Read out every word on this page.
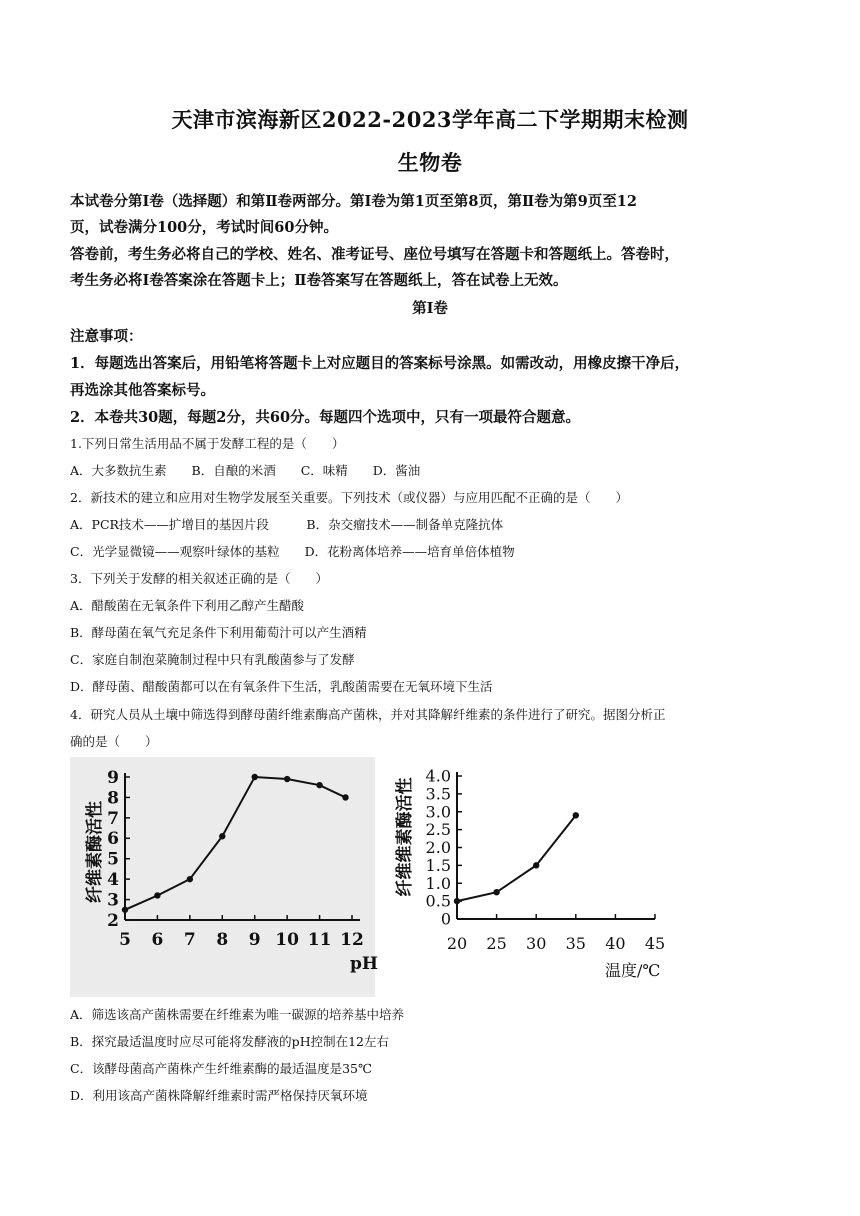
天津市滨海新区2022-2023学年高二下学期期末检测
生物卷
本试卷分第Ⅰ卷（选择题）和第Ⅱ卷两部分。第Ⅰ卷为第1页至第8页，第Ⅱ卷为第9页至12
页，试卷满分100分，考试时间60分钟。
答卷前，考生务必将自己的学校、姓名、准考证号、座位号填写在答题卡和答题纸上。答卷时，
考生务必将Ⅰ卷答案涂在答题卡上；Ⅱ卷答案写在答题纸上，答在试卷上无效。
第Ⅰ卷
注意事项：
1．每题选出答案后，用铅笔将答题卡上对应题目的答案标号涂黑。如需改动，用橡皮擦干净后，
再选涂其他答案标号。
2．本卷共30题，每题2分，共60分。每题四个选项中，只有一项最符合题意。
1.下列日常生活用品不属于发酵工程的是（　　）
A．大多数抗生素　　B．自酿的米酒　　C．味精　　D．酱油
2．新技术的建立和应用对生物学发展至关重要。下列技术（或仪器）与应用匹配不正确的是（　　）
A．PCR技术——扩增目的基因片段　　　B．杂交瘤技术——制备单克隆抗体
C．光学显微镜——观察叶绿体的基粒　　D．花粉离体培养——培育单倍体植物
3．下列关于发酵的相关叙述正确的是（　　）
A．醋酸菌在无氧条件下利用乙醇产生醋酸
B．酵母菌在氧气充足条件下利用葡萄汁可以产生酒精
C．家庭自制泡菜腌制过程中只有乳酸菌参与了发酵
D．酵母菌、醋酸菌都可以在有氧条件下生活，乳酸菌需要在无氧环境下生活
4．研究人员从土壤中筛选得到酵母菌纤维素酶高产菌株，并对其降解纤维素的条件进行了研究。据图分析正
确的是（　　）
5 6 7 8 9 10 11 12
2
3
4
5
6
7
8
9
纤维素酶活性
pH
20 25 30 35 40 45
0
0.5
1.0
1.5
2.0
2.5
3.0
3.5
4.0
纤维维素酶活性
温度/℃
A．筛选该高产菌株需要在纤维素为唯一碳源的培养基中培养
B．探究最适温度时应尽可能将发酵液的pH控制在12左右
C．该酵母菌高产菌株产生纤维素酶的最适温度是35℃
D．利用该高产菌株降解纤维素时需严格保持厌氧环境
